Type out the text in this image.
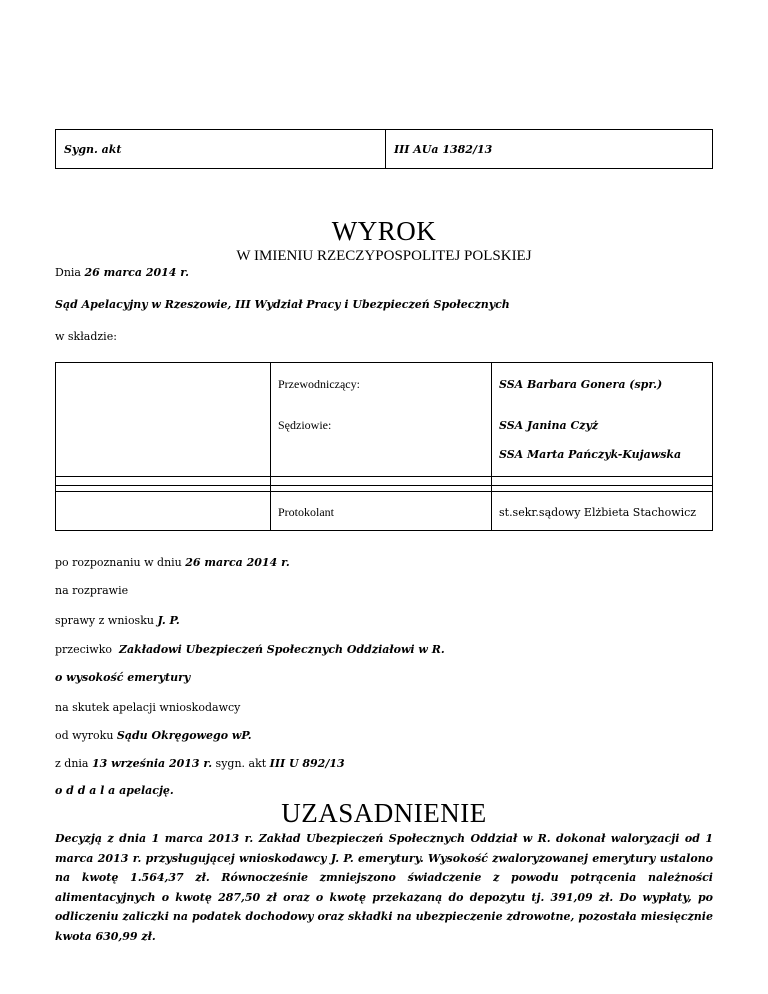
Sygn. akt	III AUa 1382/13
WYROK
W IMIENIU RZECZYPOSPOLITEJ POLSKIEJ
Dnia 26 marca 2014 r.
Sąd Apelacyjny w Rzeszowie, III Wydział Pracy i Ubezpieczeń Społecznych
w składzie:
Przewodniczący:	SSA Barbara Gonera (spr.)
Sędziowie:	SSA Janina Czyż
SSA Marta Pańczyk-Kujawska
Protokolant	st.sekr.sądowy Elżbieta Stachowicz
po rozpoznaniu w dniu 26 marca 2014 r.
na rozprawie
sprawy z wniosku J. P.
przeciwko  Zakładowi Ubezpieczeń Społecznych Oddziałowi w R.
o wysokość emerytury
na skutek apelacji wnioskodawcy
od wyroku Sądu Okręgowego wP.
z dnia 13 września 2013 r. sygn. akt III U 892/13
o d d a l a apelację.
UZASADNIENIE
Decyzją z dnia 1 marca 2013 r. Zakład Ubezpieczeń Społecznych Oddział w R. dokonał waloryzacji od 1 marca 2013 r. przysługującej wnioskodawcy J. P. emerytury. Wysokość zwaloryzowanej emerytury ustalono na kwotę 1.564,37 zł. Równocześnie zmniejszono świadczenie z powodu potrącenia należności alimentacyjnych o kwotę 287,50 zł oraz o kwotę przekazaną do depozytu tj. 391,09 zł. Do wypłaty, po odliczeniu zaliczki na podatek dochodowy oraz składki na ubezpieczenie zdrowotne, pozostała miesięcznie kwota 630,99 zł.
